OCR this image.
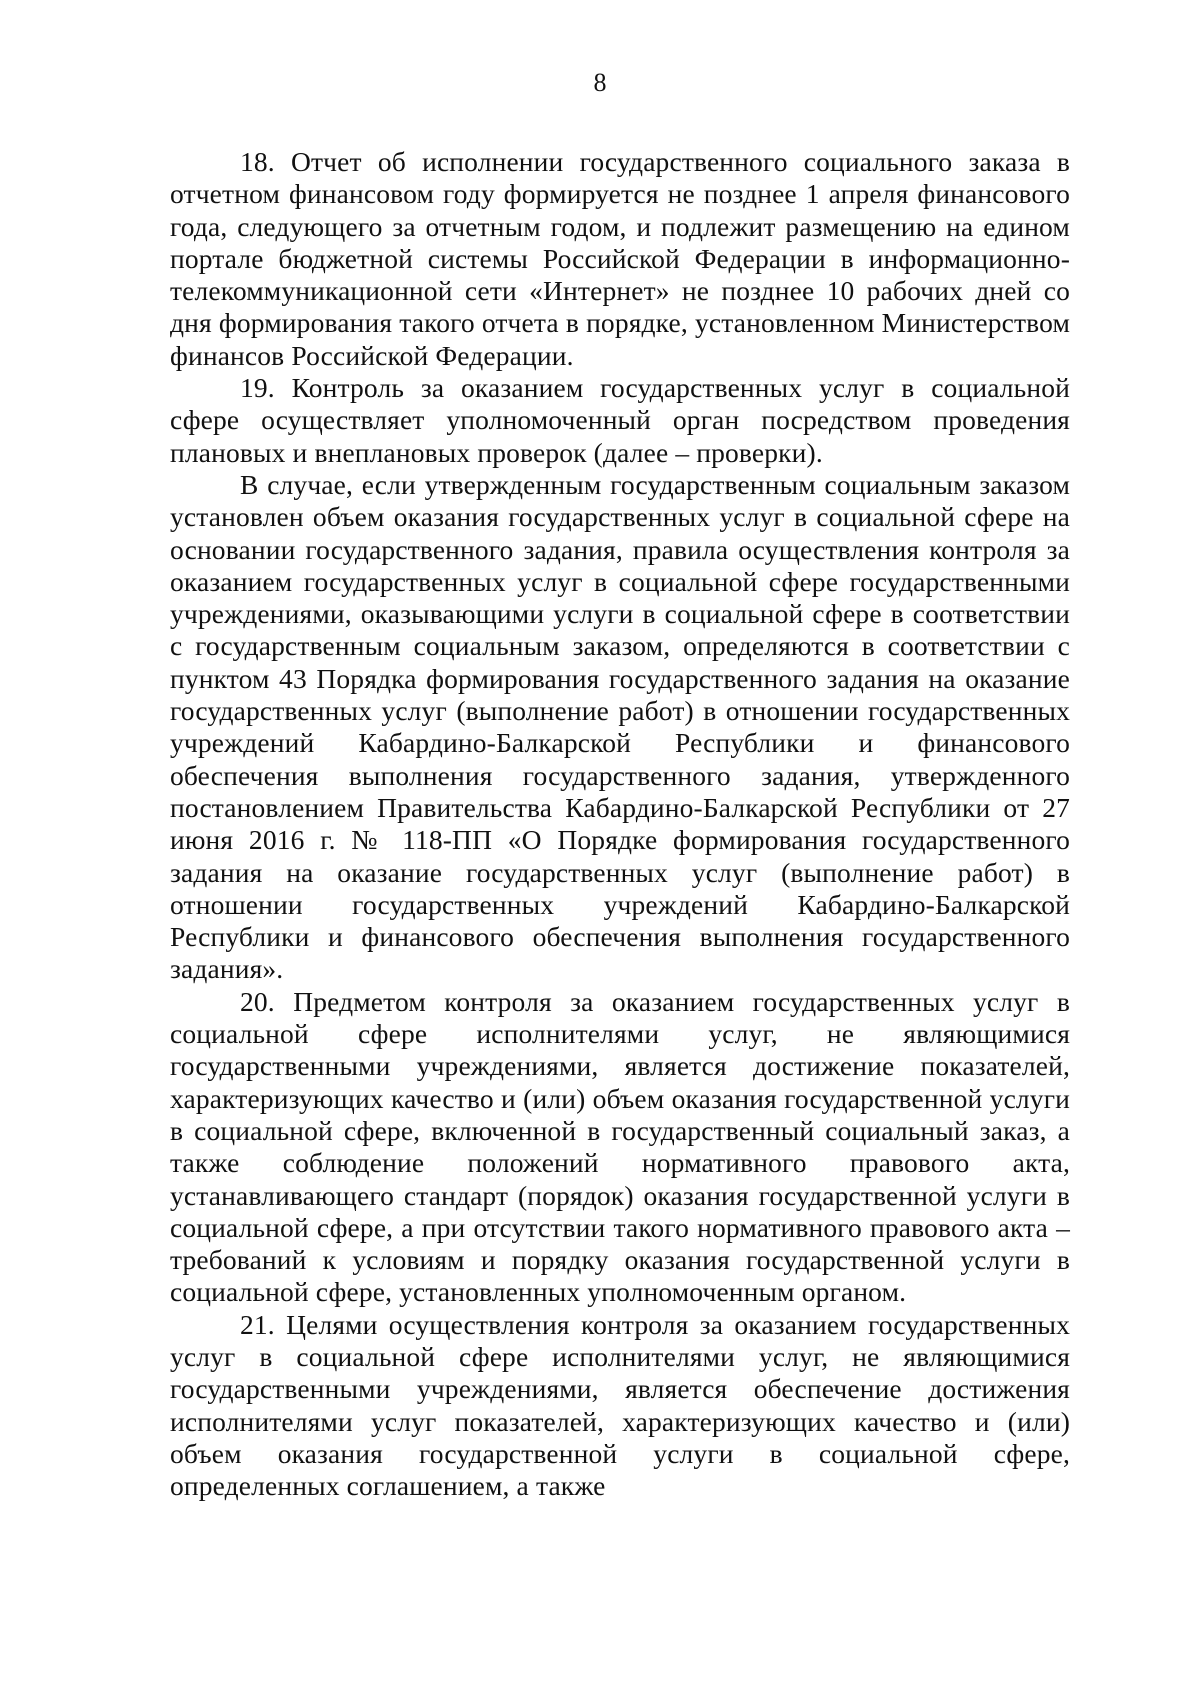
8

18. Отчет об исполнении государственного социального заказа в отчетном финансовом году формируется не позднее 1 апреля финансового года, следующего за отчетным годом, и подлежит размещению на едином портале бюджетной системы Российской Федерации в информационно-телекоммуникационной сети «Интернет» не позднее 10 рабочих дней со дня формирования такого отчета в порядке, установленном Министерством финансов Российской Федерации.

19. Контроль за оказанием государственных услуг в социальной сфере осуществляет уполномоченный орган посредством проведения плановых и внеплановых проверок (далее – проверки).

В случае, если утвержденным государственным социальным заказом установлен объем оказания государственных услуг в социальной сфере на основании государственного задания, правила осуществления контроля за оказанием государственных услуг в социальной сфере государственными учреждениями, оказывающими услуги в социальной сфере в соответствии с государственным социальным заказом, определяются в соответствии с пунктом 43 Порядка формирования государственного задания на оказание государственных услуг (выполнение работ) в отношении государственных учреждений Кабардино-Балкарской Республики и финансового обеспечения выполнения государственного задания, утвержденного постановлением Правительства Кабардино-Балкарской Республики от 27 июня 2016 г. № 118-ПП «О Порядке формирования государственного задания на оказание государственных услуг (выполнение работ) в отношении государственных учреждений Кабардино-Балкарской Республики и финансового обеспечения выполнения государственного задания».

20. Предметом контроля за оказанием государственных услуг в социальной сфере исполнителями услуг, не являющимися государственными учреждениями, является достижение показателей, характеризующих качество и (или) объем оказания государственной услуги в социальной сфере, включенной в государственный социальный заказ, а также соблюдение положений нормативного правового акта, устанавливающего стандарт (порядок) оказания государственной услуги в социальной сфере, а при отсутствии такого нормативного правового акта – требований к условиям и порядку оказания государственной услуги в социальной сфере, установленных уполномоченным органом.

21. Целями осуществления контроля за оказанием государственных услуг в социальной сфере исполнителями услуг, не являющимися государственными учреждениями, является обеспечение достижения исполнителями услуг показателей, характеризующих качество и (или) объем оказания государственной услуги в социальной сфере, определенных соглашением, а также
